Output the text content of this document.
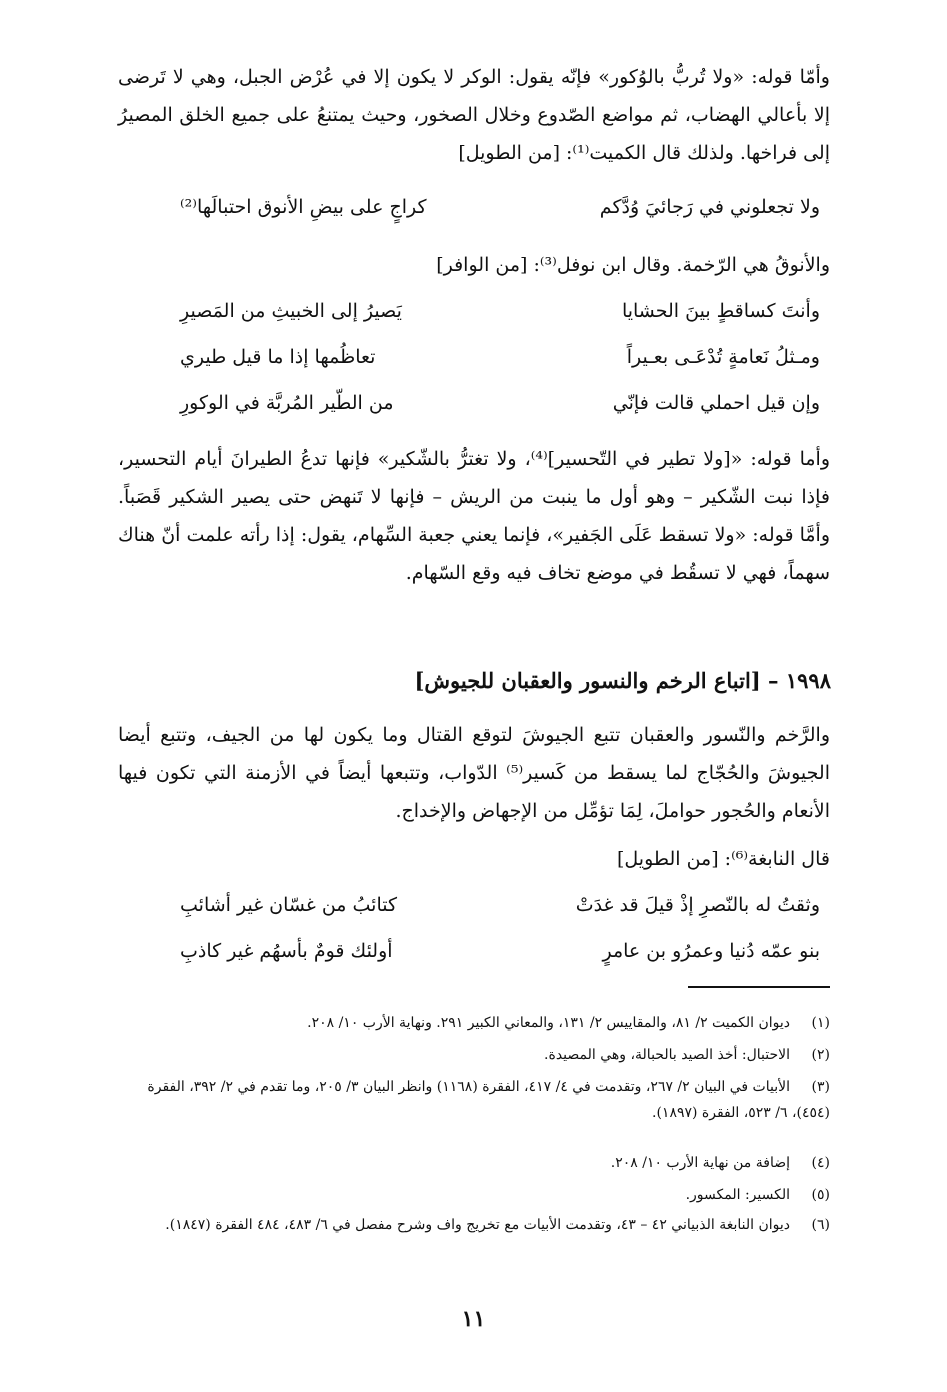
وأمّا قوله: «ولا تُربُّ بالوُكور» فإنّه يقول: الوكر لا يكون إلا في عُرْض الجبل، وهي لا تَرضى إلا بأعالي الهضاب، ثم مواضع الصّدوع وخلال الصخور، وحيث يمتنعُ على جميع الخلق المصيرُ إلى فراخها. ولذلك قال الكميت⁽¹⁾: [من الطويل]
ولا تجعلوني في رَجائيَ وُدَّكم
كراجٍ على بيضِ الأنوق احتبالَها⁽²⁾
والأنوقُ هي الرّخمة. وقال ابن نوفل⁽³⁾: [من الوافر]
وأنتَ كساقطٍ بينَ الحشايا
يَصيرُ إلى الخبيثِ من المَصيرِ
ومـثلُ نَعامةٍ تُدْعَـى بعـيراً
تعاظُمها إذا ما قيل طيري
وإن قيل احملي قالت فإنّي
من الطّير المُربَّة في الوكورِ
وأما قوله: «[ولا تطير في التّحسير]⁽⁴⁾، ولا تغترُّ بالشّكير» فإنها تدعُ الطيرانَ أيام التحسير، فإذا نبت الشّكير – وهو أول ما ينبت من الريش – فإنها لا تَنهض حتى يصير الشكير قَصَباً. وأمَّا قوله: «ولا تسقط عَلَى الجَفير»، فإنما يعني جعبة السِّهام، يقول: إذا رأته علمت أنّ هناك سهماً، فهي لا تسقُط في موضع تخاف فيه وقع السّهام.
١٩٩٨ – [اتباع الرخم والنسور والعقبان للجيوش]
والرَّخم والنّسور والعقبان تتبع الجيوشَ لتوقع القتال وما يكون لها من الجيف، وتتبع أيضا الجيوشَ والحُجّاج لما يسقط من كَسير⁽⁵⁾ الدّواب، وتتبعها أيضاً في الأزمنة التي تكون فيها الأنعام والحُجور حواملَ، لِمَا تؤمِّل من الإجهاض والإخداج.
قال النابغة⁽⁶⁾: [من الطويل]
وثقتُ له بالنّصرِ إذْ قيلَ قد غدَتْ
كتائبُ من غسّان غير أشائبِ
بنو عمّه دُنيا وعمرُو بن عامرٍ
أولئك قومٌ بأسهُم غير كاذبِ
(١)ديوان الكميت ٢/ ٨١، والمقاييس ٢/ ١٣١، والمعاني الكبير ٢٩١. ونهاية الأرب ١٠/ ٢٠٨.
(٢)الاحتبال: أخذ الصيد بالحبالة، وهي المصيدة.
(٣)الأبيات في البيان ٢/ ٢٦٧، وتقدمت في ٤/ ٤١٧، الفقرة (١١٦٨) وانظر البيان ٣/ ٢٠٥، وما تقدم في ٢/ ٣٩٢، الفقرة (٤٥٤)، ٦/ ٥٢٣، الفقرة (١٨٩٧).
(٤)إضافة من نهاية الأرب ١٠/ ٢٠٨.
(٥)الكسير: المكسور.
(٦)ديوان النابغة الذبياني ٤٢ – ٤٣، وتقدمت الأبيات مع تخريج واف وشرح مفصل في ٦/ ٤٨٣، ٤٨٤ الفقرة (١٨٤٧).
١١
